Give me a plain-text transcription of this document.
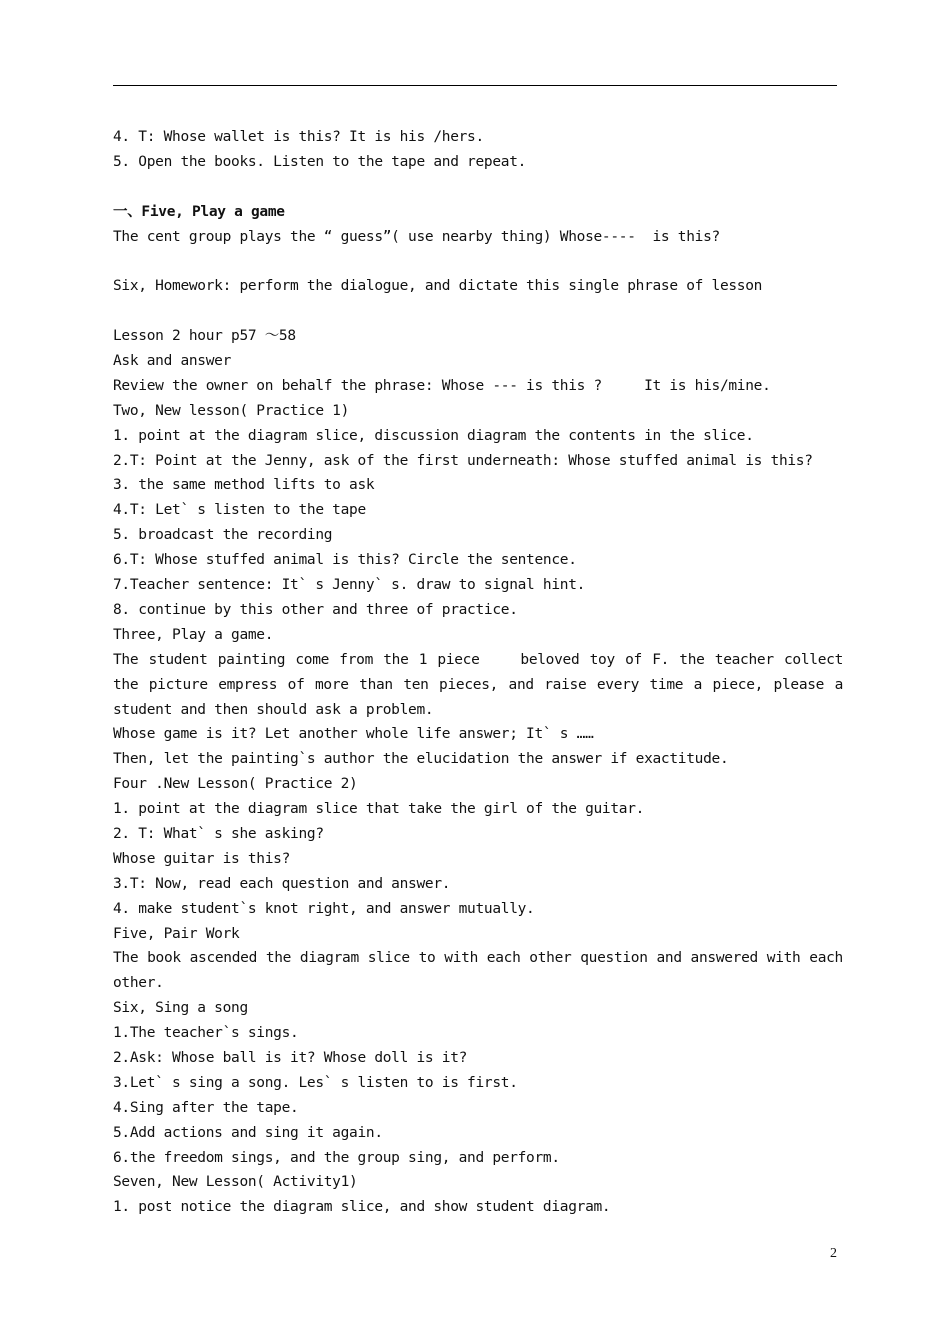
4. T: Whose wallet is this? It is his /hers.
5. Open the books. Listen to the tape and repeat.
一、Five, Play a game
The cent group plays the “ guess”( use nearby thing) Whose----  is this?
Six, Homework: perform the dialogue, and dictate this single phrase of lesson
Lesson 2 hour p57 ～58
Ask and answer
Review the owner on behalf the phrase: Whose --- is this ?     It is his/mine.
Two, New lesson( Practice 1)
1. point at the diagram slice, discussion diagram the contents in the slice.
2.T: Point at the Jenny, ask of the first underneath: Whose stuffed animal is this?
3. the same method lifts to ask
4.T: Let` s listen to the tape
5. broadcast the recording
6.T: Whose stuffed animal is this? Circle the sentence.
7.Teacher sentence: It` s Jenny` s. draw to signal hint.
8. continue by this other and three of practice.
Three, Play a game.
The student painting come from the 1 piece    beloved toy of F. the teacher collect the picture empress of more than ten pieces, and raise every time a piece, please a student and then should ask a problem.
Whose game is it? Let another whole life answer; It` s ……
Then, let the painting`s author the elucidation the answer if exactitude.
Four .New Lesson( Practice 2)
1. point at the diagram slice that take the girl of the guitar.
2. T: What` s she asking?
Whose guitar is this?
3.T: Now, read each question and answer.
4. make student`s knot right, and answer mutually.
Five, Pair Work
The book ascended the diagram slice to with each other question and answered with each other.
Six, Sing a song
1.The teacher`s sings.
2.Ask: Whose ball is it? Whose doll is it?
3.Let` s sing a song. Les` s listen to is first.
4.Sing after the tape.
5.Add actions and sing it again.
6.the freedom sings, and the group sing, and perform.
Seven, New Lesson( Activity1)
1. post notice the diagram slice, and show student diagram.
2
